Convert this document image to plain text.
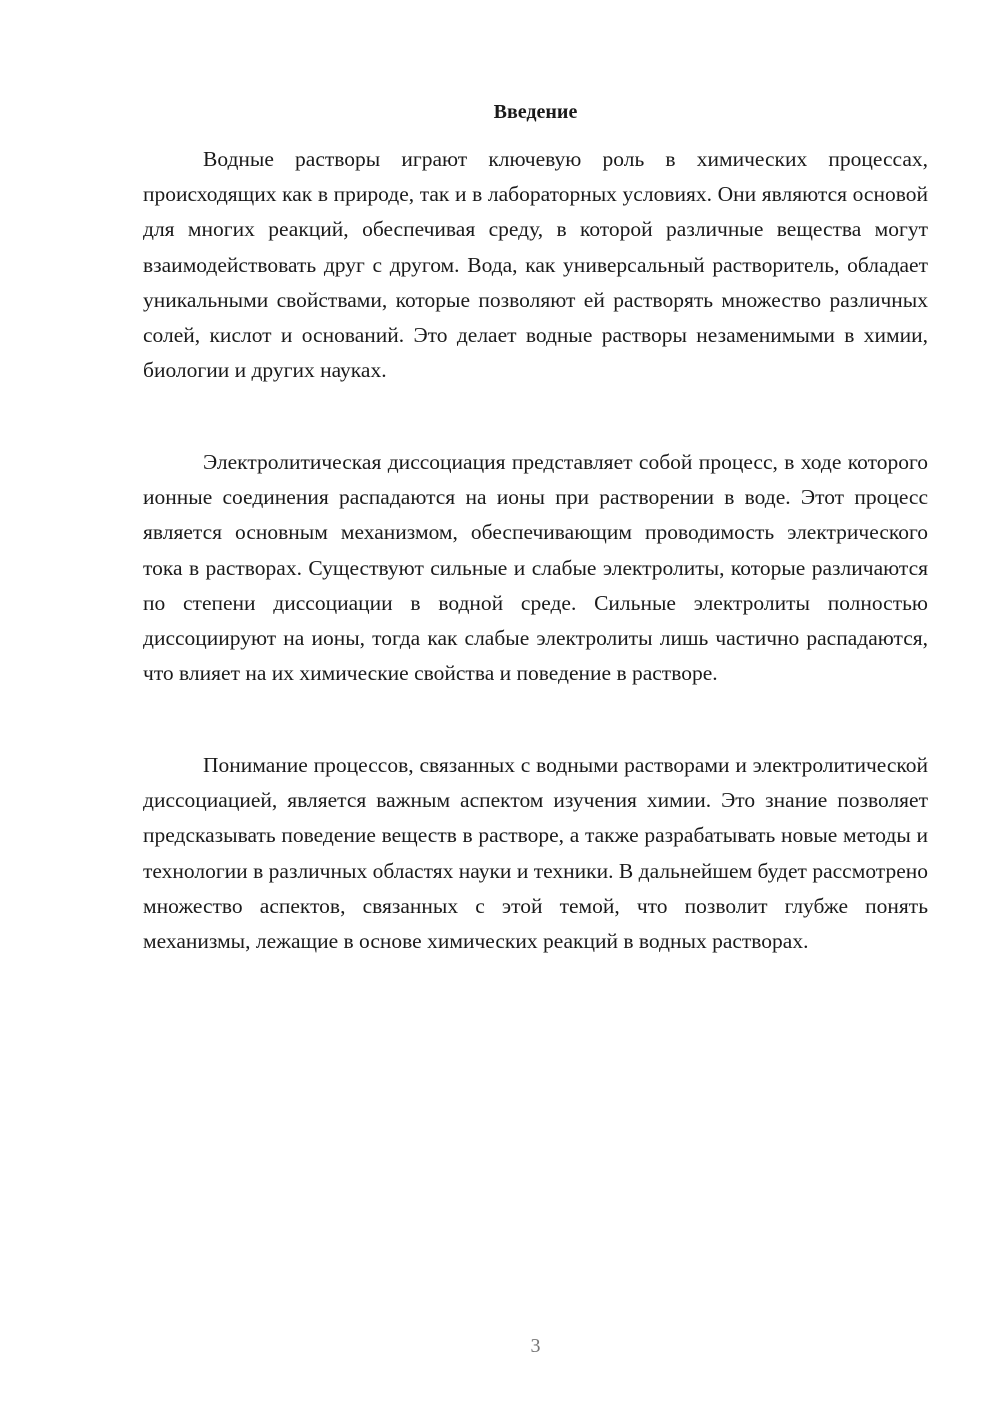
Введение

Водные растворы играют ключевую роль в химических процессах, происходящих как в природе, так и в лабораторных условиях. Они являются основой для многих реакций, обеспечивая среду, в которой различные вещества могут взаимодействовать друг с другом. Вода, как универсальный растворитель, обладает уникальными свойствами, которые позволяют ей растворять множество различных солей, кислот и оснований. Это делает водные растворы незаменимыми в химии, биологии и других науках.

Электролитическая диссоциация представляет собой процесс, в ходе которого ионные соединения распадаются на ионы при растворении в воде. Этот процесс является основным механизмом, обеспечивающим проводимость электрического тока в растворах. Существуют сильные и слабые электролиты, которые различаются по степени диссоциации в водной среде. Сильные электролиты полностью диссоциируют на ионы, тогда как слабые электролиты лишь частично распадаются, что влияет на их химические свойства и поведение в растворе.

Понимание процессов, связанных с водными растворами и электролитической диссоциацией, является важным аспектом изучения химии. Это знание позволяет предсказывать поведение веществ в растворе, а также разрабатывать новые методы и технологии в различных областях науки и техники. В дальнейшем будет рассмотрено множество аспектов, связанных с этой темой, что позволит глубже понять механизмы, лежащие в основе химических реакций в водных растворах.

3
